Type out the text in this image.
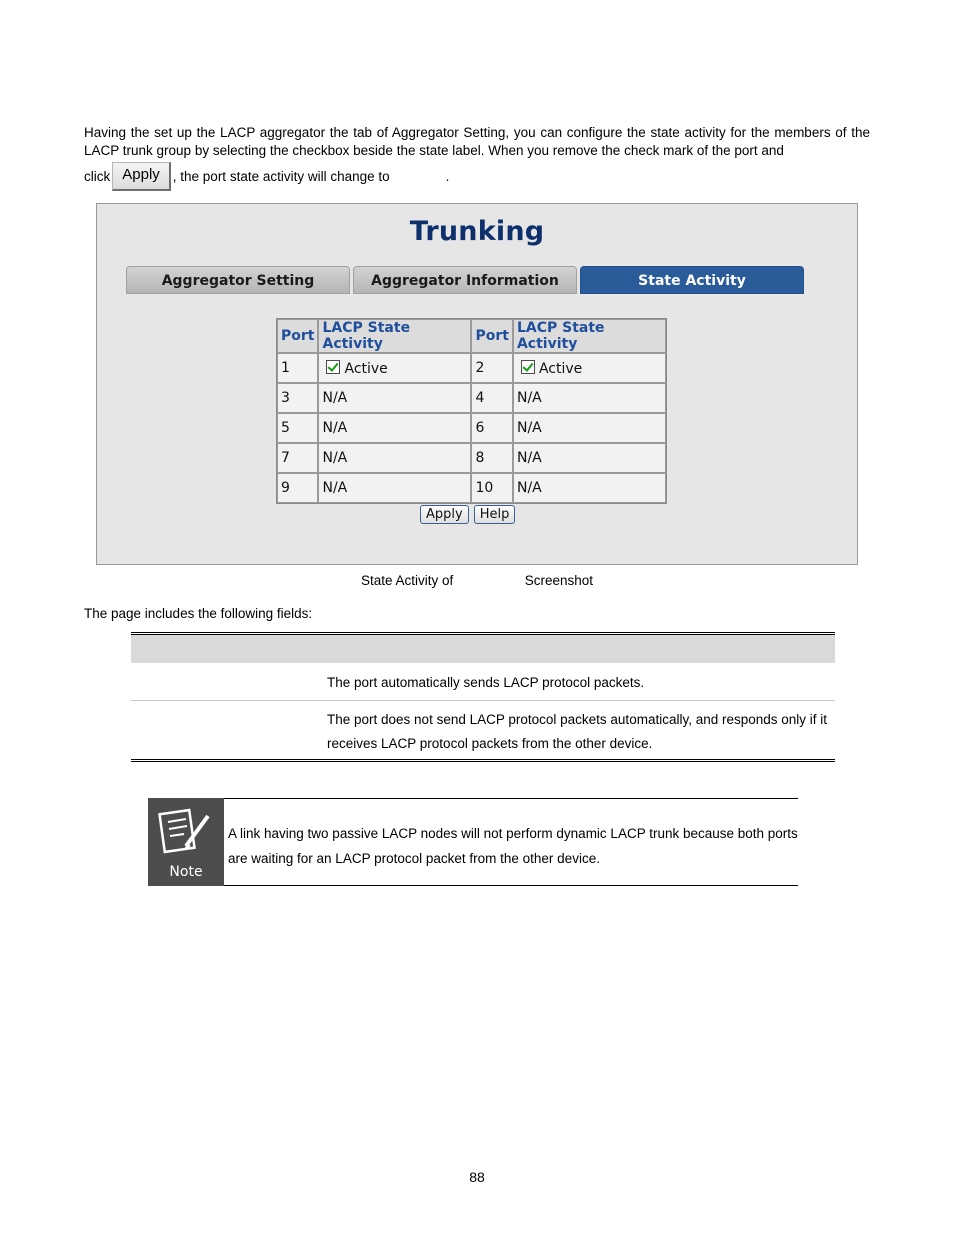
Having the set up the LACP aggregator the tab of Aggregator Setting, you can configure the state activity for the members of the LACP trunk group by selecting the checkbox beside the state label. When you remove the check mark of the port and
click Apply , the port state activity will change to	.
Trunking
Aggregator Setting	Aggregator Information	State Activity
Port	LACP State Activity	Port	LACP State Activity
1	Active	2	Active
3	N/A	4	N/A
5	N/A	6	N/A
7	N/A	8	N/A
9	N/A	10	N/A
Apply	Help
State Activity of	Screenshot
The page includes the following fields:
The port automatically sends LACP protocol packets.
The port does not send LACP protocol packets automatically, and responds only if it receives LACP protocol packets from the other device.
Note

A link having two passive LACP nodes will not perform dynamic LACP trunk because both ports are waiting for an LACP protocol packet from the other device.

88
